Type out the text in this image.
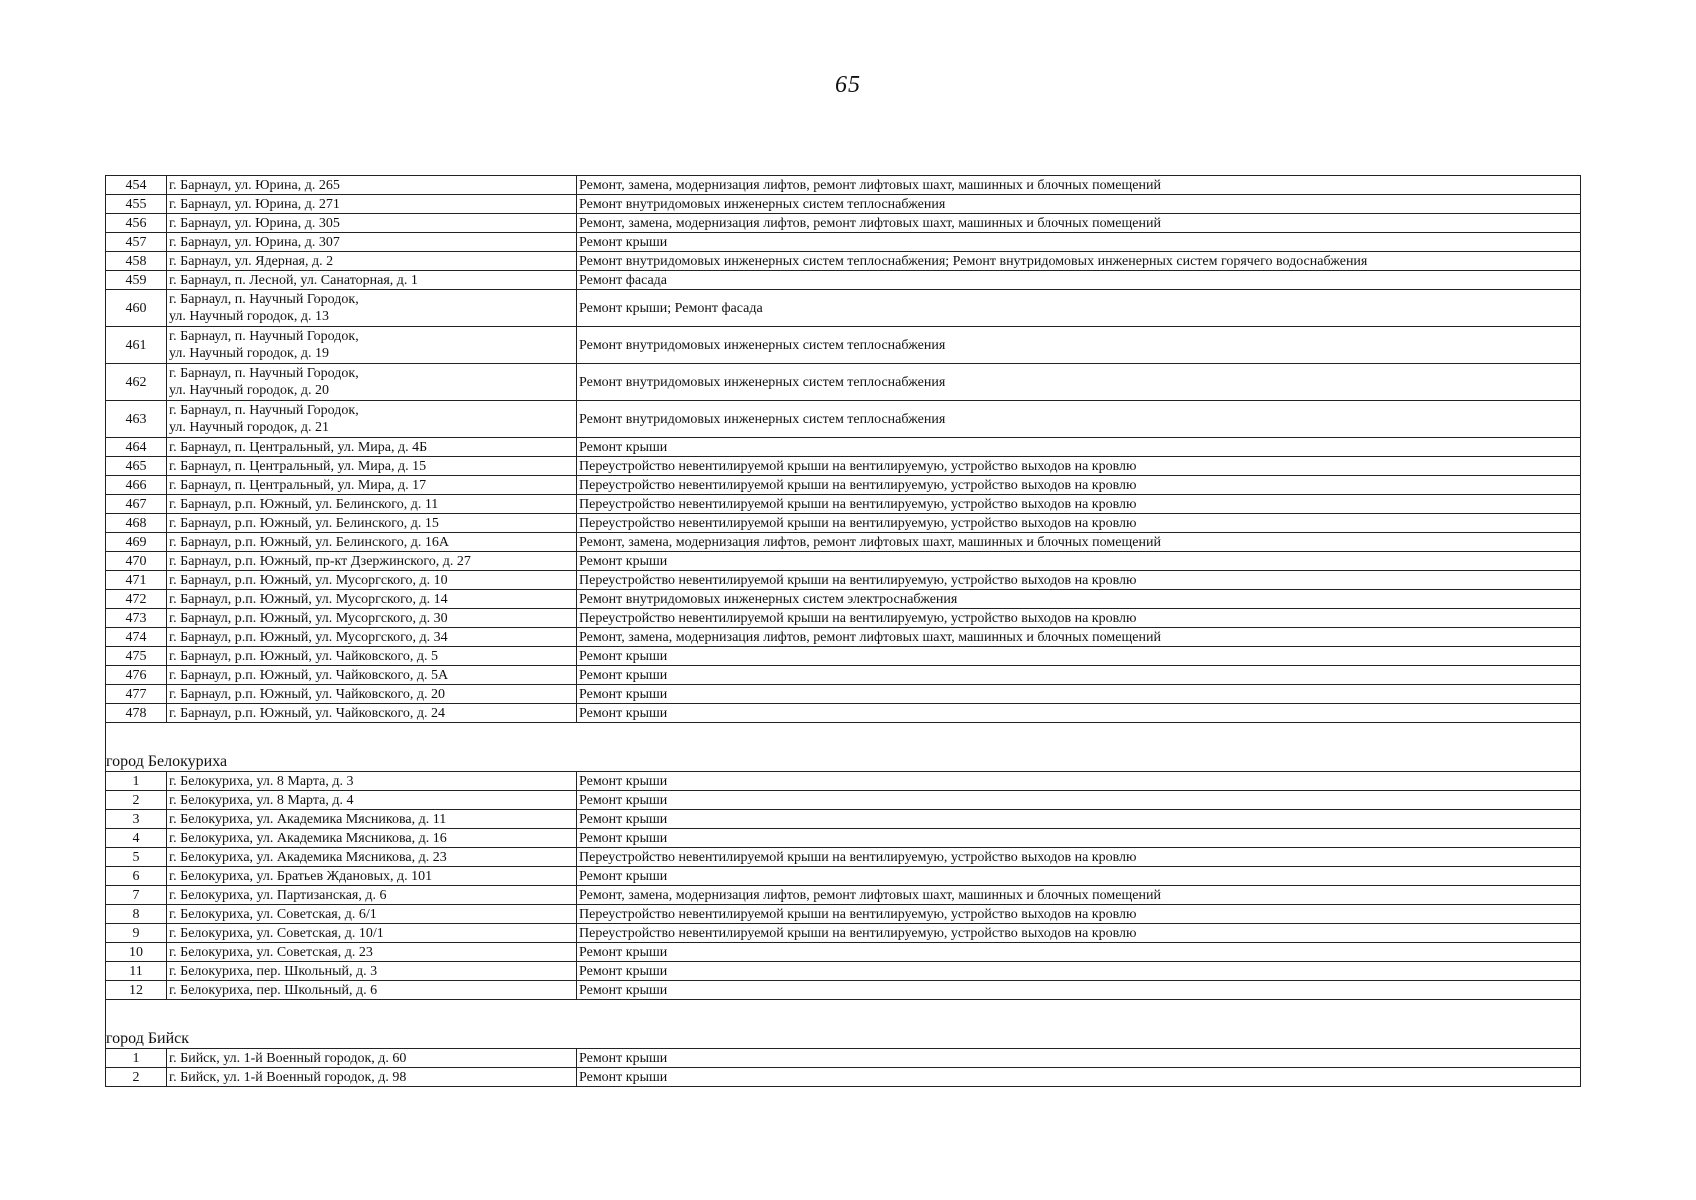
65
454	г. Барнаул, ул. Юрина, д. 265	Ремонт, замена, модернизация лифтов, ремонт лифтовых шахт, машинных и блочных помещений
455	г. Барнаул, ул. Юрина, д. 271	Ремонт внутридомовых инженерных систем теплоснабжения
456	г. Барнаул, ул. Юрина, д. 305	Ремонт, замена, модернизация лифтов, ремонт лифтовых шахт, машинных и блочных помещений
457	г. Барнаул, ул. Юрина, д. 307	Ремонт крыши
458	г. Барнаул, ул. Ядерная, д. 2	Ремонт внутридомовых инженерных систем теплоснабжения; Ремонт внутридомовых инженерных систем горячего водоснабжения
459	г. Барнаул, п. Лесной, ул. Санаторная, д. 1	Ремонт фасада
460	г. Барнаул, п. Научный Городок,
ул. Научный городок, д. 13	Ремонт крыши; Ремонт фасада
461	г. Барнаул, п. Научный Городок,
ул. Научный городок, д. 19	Ремонт внутридомовых инженерных систем теплоснабжения
462	г. Барнаул, п. Научный Городок,
ул. Научный городок, д. 20	Ремонт внутридомовых инженерных систем теплоснабжения
463	г. Барнаул, п. Научный Городок,
ул. Научный городок, д. 21	Ремонт внутридомовых инженерных систем теплоснабжения
464	г. Барнаул, п. Центральный, ул. Мира, д. 4Б	Ремонт крыши
465	г. Барнаул, п. Центральный, ул. Мира, д. 15	Переустройство невентилируемой крыши на вентилируемую, устройство выходов на кровлю
466	г. Барнаул, п. Центральный, ул. Мира, д. 17	Переустройство невентилируемой крыши на вентилируемую, устройство выходов на кровлю
467	г. Барнаул, р.п. Южный, ул. Белинского, д. 11	Переустройство невентилируемой крыши на вентилируемую, устройство выходов на кровлю
468	г. Барнаул, р.п. Южный, ул. Белинского, д. 15	Переустройство невентилируемой крыши на вентилируемую, устройство выходов на кровлю
469	г. Барнаул, р.п. Южный, ул. Белинского, д. 16А	Ремонт, замена, модернизация лифтов, ремонт лифтовых шахт, машинных и блочных помещений
470	г. Барнаул, р.п. Южный, пр-кт Дзержинского, д. 27	Ремонт крыши
471	г. Барнаул, р.п. Южный, ул. Мусоргского, д. 10	Переустройство невентилируемой крыши на вентилируемую, устройство выходов на кровлю
472	г. Барнаул, р.п. Южный, ул. Мусоргского, д. 14	Ремонт внутридомовых инженерных систем электроснабжения
473	г. Барнаул, р.п. Южный, ул. Мусоргского, д. 30	Переустройство невентилируемой крыши на вентилируемую, устройство выходов на кровлю
474	г. Барнаул, р.п. Южный, ул. Мусоргского, д. 34	Ремонт, замена, модернизация лифтов, ремонт лифтовых шахт, машинных и блочных помещений
475	г. Барнаул, р.п. Южный, ул. Чайковского, д. 5	Ремонт крыши
476	г. Барнаул, р.п. Южный, ул. Чайковского, д. 5А	Ремонт крыши
477	г. Барнаул, р.п. Южный, ул. Чайковского, д. 20	Ремонт крыши
478	г. Барнаул, р.п. Южный, ул. Чайковского, д. 24	Ремонт крыши

город Белокуриха		
1	г. Белокуриха, ул. 8 Марта, д. 3	Ремонт крыши
2	г. Белокуриха, ул. 8 Марта, д. 4	Ремонт крыши
3	г. Белокуриха, ул. Академика Мясникова, д. 11	Ремонт крыши
4	г. Белокуриха, ул. Академика Мясникова, д. 16	Ремонт крыши
5	г. Белокуриха, ул. Академика Мясникова, д. 23	Переустройство невентилируемой крыши на вентилируемую, устройство выходов на кровлю
6	г. Белокуриха, ул. Братьев Ждановых, д. 101	Ремонт крыши
7	г. Белокуриха, ул. Партизанская, д. 6	Ремонт, замена, модернизация лифтов, ремонт лифтовых шахт, машинных и блочных помещений
8	г. Белокуриха, ул. Советская, д. 6/1	Переустройство невентилируемой крыши на вентилируемую, устройство выходов на кровлю
9	г. Белокуриха, ул. Советская, д. 10/1	Переустройство невентилируемой крыши на вентилируемую, устройство выходов на кровлю
10	г. Белокуриха, ул. Советская, д. 23	Ремонт крыши
11	г. Белокуриха, пер. Школьный, д. 3	Ремонт крыши
12	г. Белокуриха, пер. Школьный, д. 6	Ремонт крыши

город Бийск		
1	г. Бийск, ул. 1-й Военный городок, д. 60	Ремонт крыши
2	г. Бийск, ул. 1-й Военный городок, д. 98	Ремонт крыши
